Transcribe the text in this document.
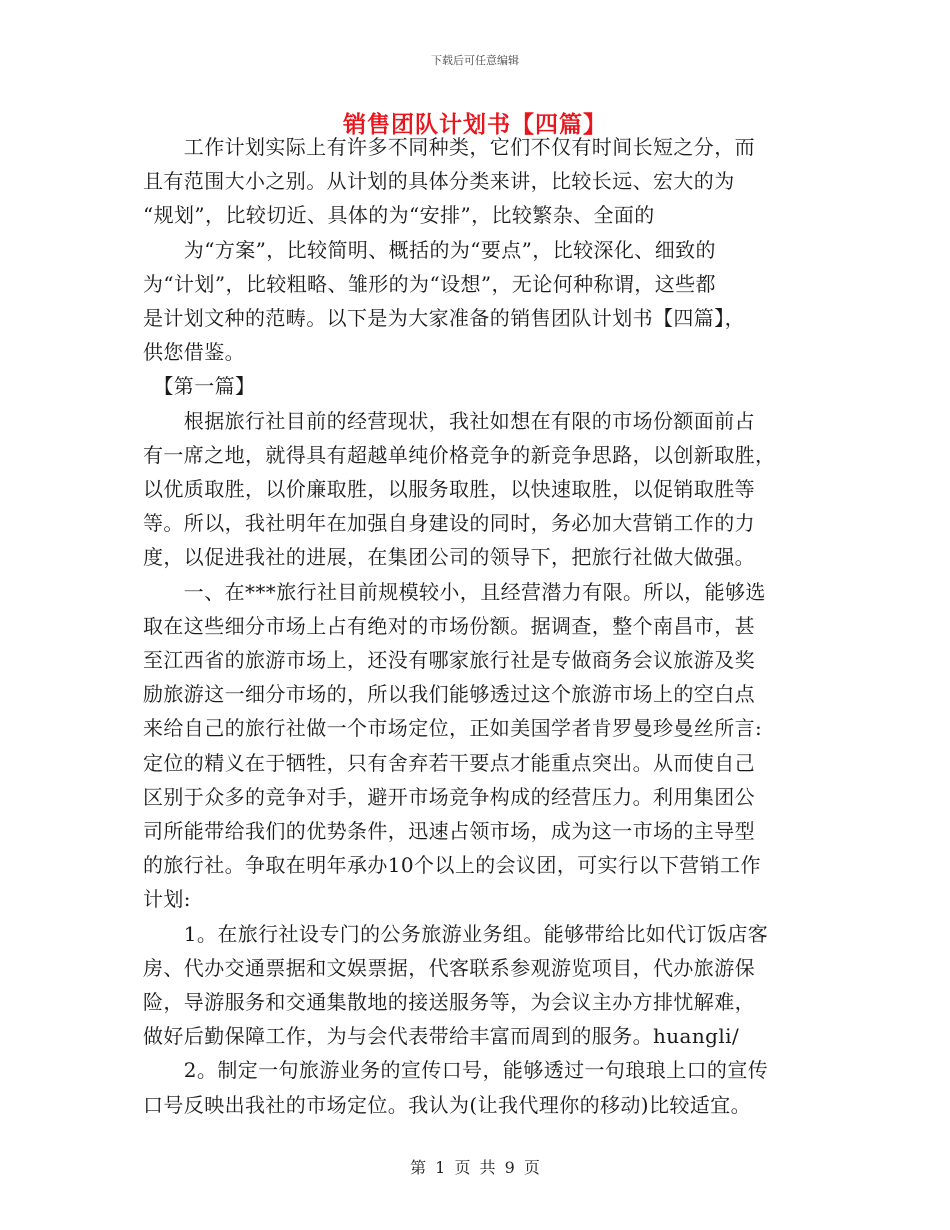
下载后可任意编辑
销售团队计划书【四篇】

　　工作计划实际上有许多不同种类，它们不仅有时间长短之分，而

且有范围大小之别。从计划的具体分类来讲，比较长远、宏大的为

“规划”，比较切近、具体的为“安排”，比较繁杂、全面的

　　为“方案”，比较简明、概括的为“要点”，比较深化、细致的

为“计划”，比较粗略、雏形的为“设想”，无论何种称谓，这些都

是计划文种的范畴。以下是为大家准备的销售团队计划书【四篇】，

供您借鉴。

　【第一篇】

　　根据旅行社目前的经营现状，我社如想在有限的市场份额面前占

有一席之地，就得具有超越单纯价格竞争的新竞争思路，以创新取胜，

以优质取胜，以价廉取胜，以服务取胜，以快速取胜，以促销取胜等

等。所以，我社明年在加强自身建设的同时，务必加大营销工作的力

度，以促进我社的进展，在集团公司的领导下，把旅行社做大做强。

　　一、在***旅行社目前规模较小，且经营潜力有限。所以，能够选

取在这些细分市场上占有绝对的市场份额。据调查，整个南昌市，甚

至江西省的旅游市场上，还没有哪家旅行社是专做商务会议旅游及奖

励旅游这一细分市场的，所以我们能够透过这个旅游市场上的空白点

来给自己的旅行社做一个市场定位，正如美国学者肯罗曼珍曼丝所言:

定位的精义在于牺牲，只有舍弃若干要点才能重点突出。从而使自己

区别于众多的竞争对手，避开市场竞争构成的经营压力。利用集团公

司所能带给我们的优势条件，迅速占领市场，成为这一市场的主导型

的旅行社。争取在明年承办10个以上的会议团，可实行以下营销工作

计划:

　　1。在旅行社设专门的公务旅游业务组。能够带给比如代订饭店客

房、代办交通票据和文娱票据，代客联系参观游览项目，代办旅游保

险，导游服务和交通集散地的接送服务等，为会议主办方排忧解难，

做好后勤保障工作，为与会代表带给丰富而周到的服务。huangli/

　　2。制定一句旅游业务的宣传口号，能够透过一句琅琅上口的宣传

口号反映出我社的市场定位。我认为(让我代理你的移动)比较适宜。

第 1 页 共 9 页
